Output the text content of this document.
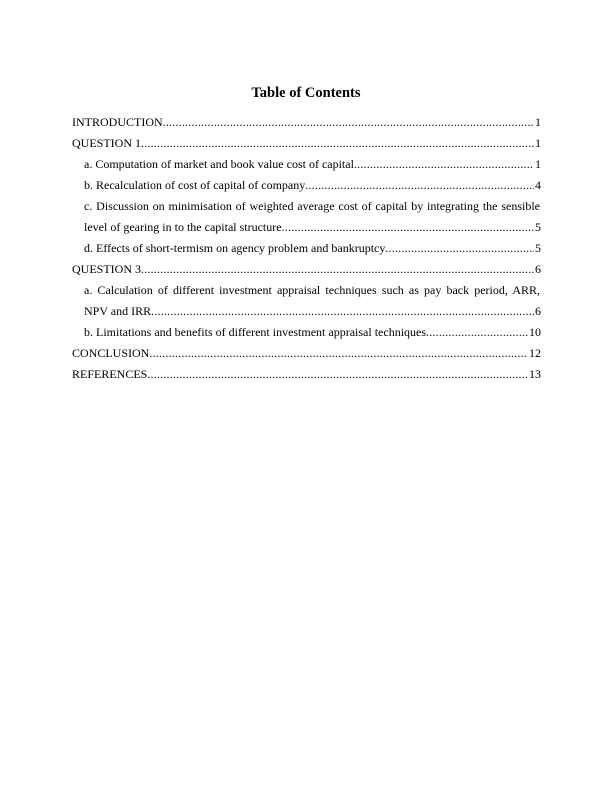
Table of Contents
INTRODUCTION .....	1
QUESTION 1 .....	1
a. Computation of market and book value cost of capital .....	1
b. Recalculation of cost of capital of company .....	4
c. Discussion on minimisation of weighted average cost of capital by integrating the sensible
level of gearing in to the capital structure .....	5
d. Effects of short-termism on agency problem and bankruptcy .....	5
QUESTION 3 .....	6
a. Calculation of different investment appraisal techniques such as pay back period, ARR,
NPV and IRR .....	6
b. Limitations and benefits of different investment appraisal techniques .....	10
CONCLUSION .....	12
REFERENCES .....	13
